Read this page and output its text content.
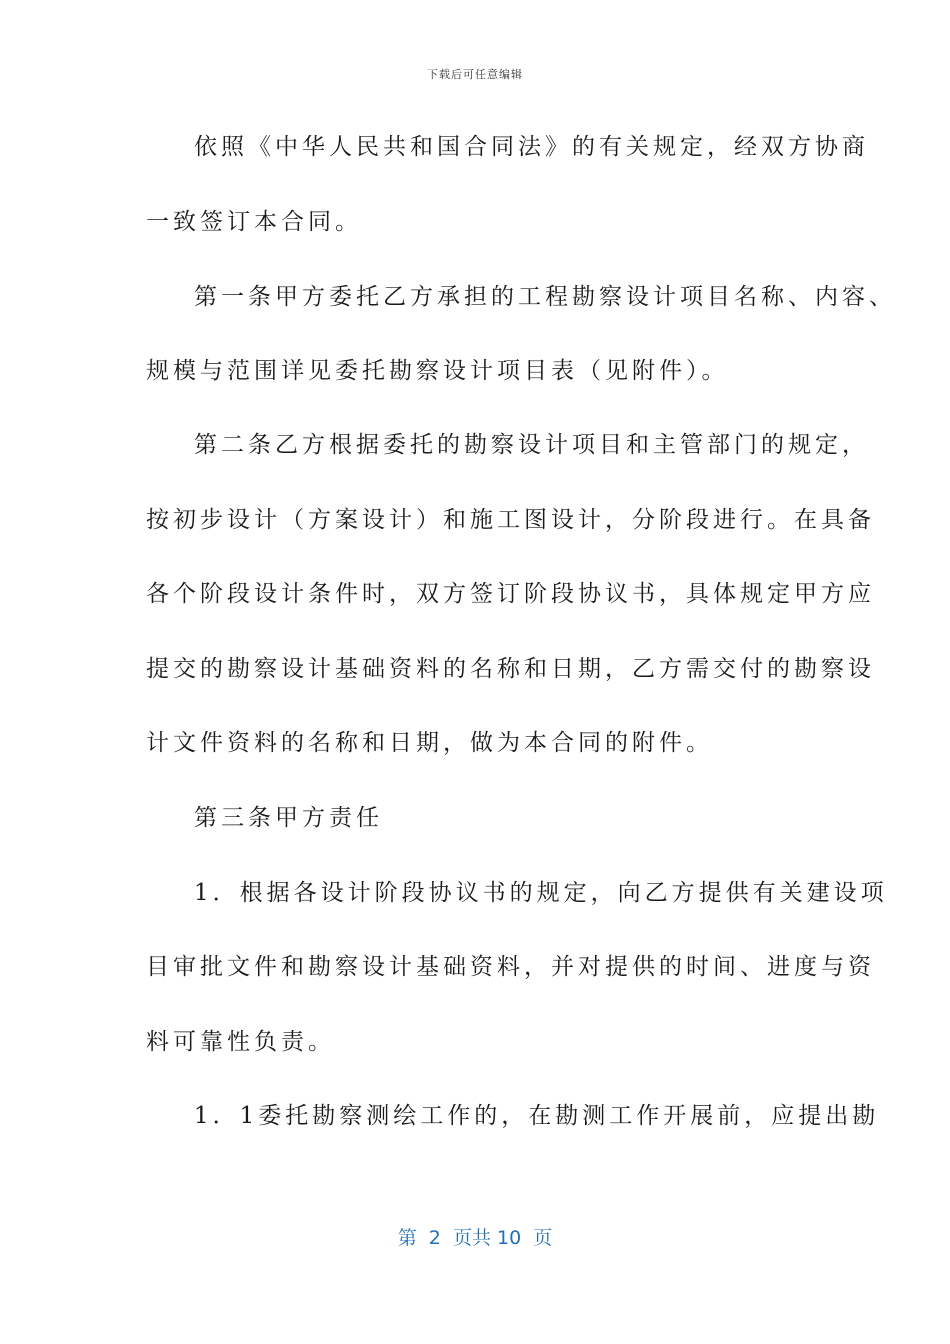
下载后可任意编辑
依照《中华人民共和国合同法》的有关规定，经双方协商
一致签订本合同。
第一条甲方委托乙方承担的工程勘察设计项目名称、内容、
规模与范围详见委托勘察设计项目表（见附件）。
第二条乙方根据委托的勘察设计项目和主管部门的规定，
按初步设计（方案设计）和施工图设计，分阶段进行。在具备
各个阶段设计条件时，双方签订阶段协议书，具体规定甲方应
提交的勘察设计基础资料的名称和日期，乙方需交付的勘察设
计文件资料的名称和日期，做为本合同的附件。
第三条甲方责任
1．根据各设计阶段协议书的规定，向乙方提供有关建设项
目审批文件和勘察设计基础资料，并对提供的时间、进度与资
料可靠性负责。
1．1委托勘察测绘工作的，在勘测工作开展前，应提出勘
第  2  页共 10  页
